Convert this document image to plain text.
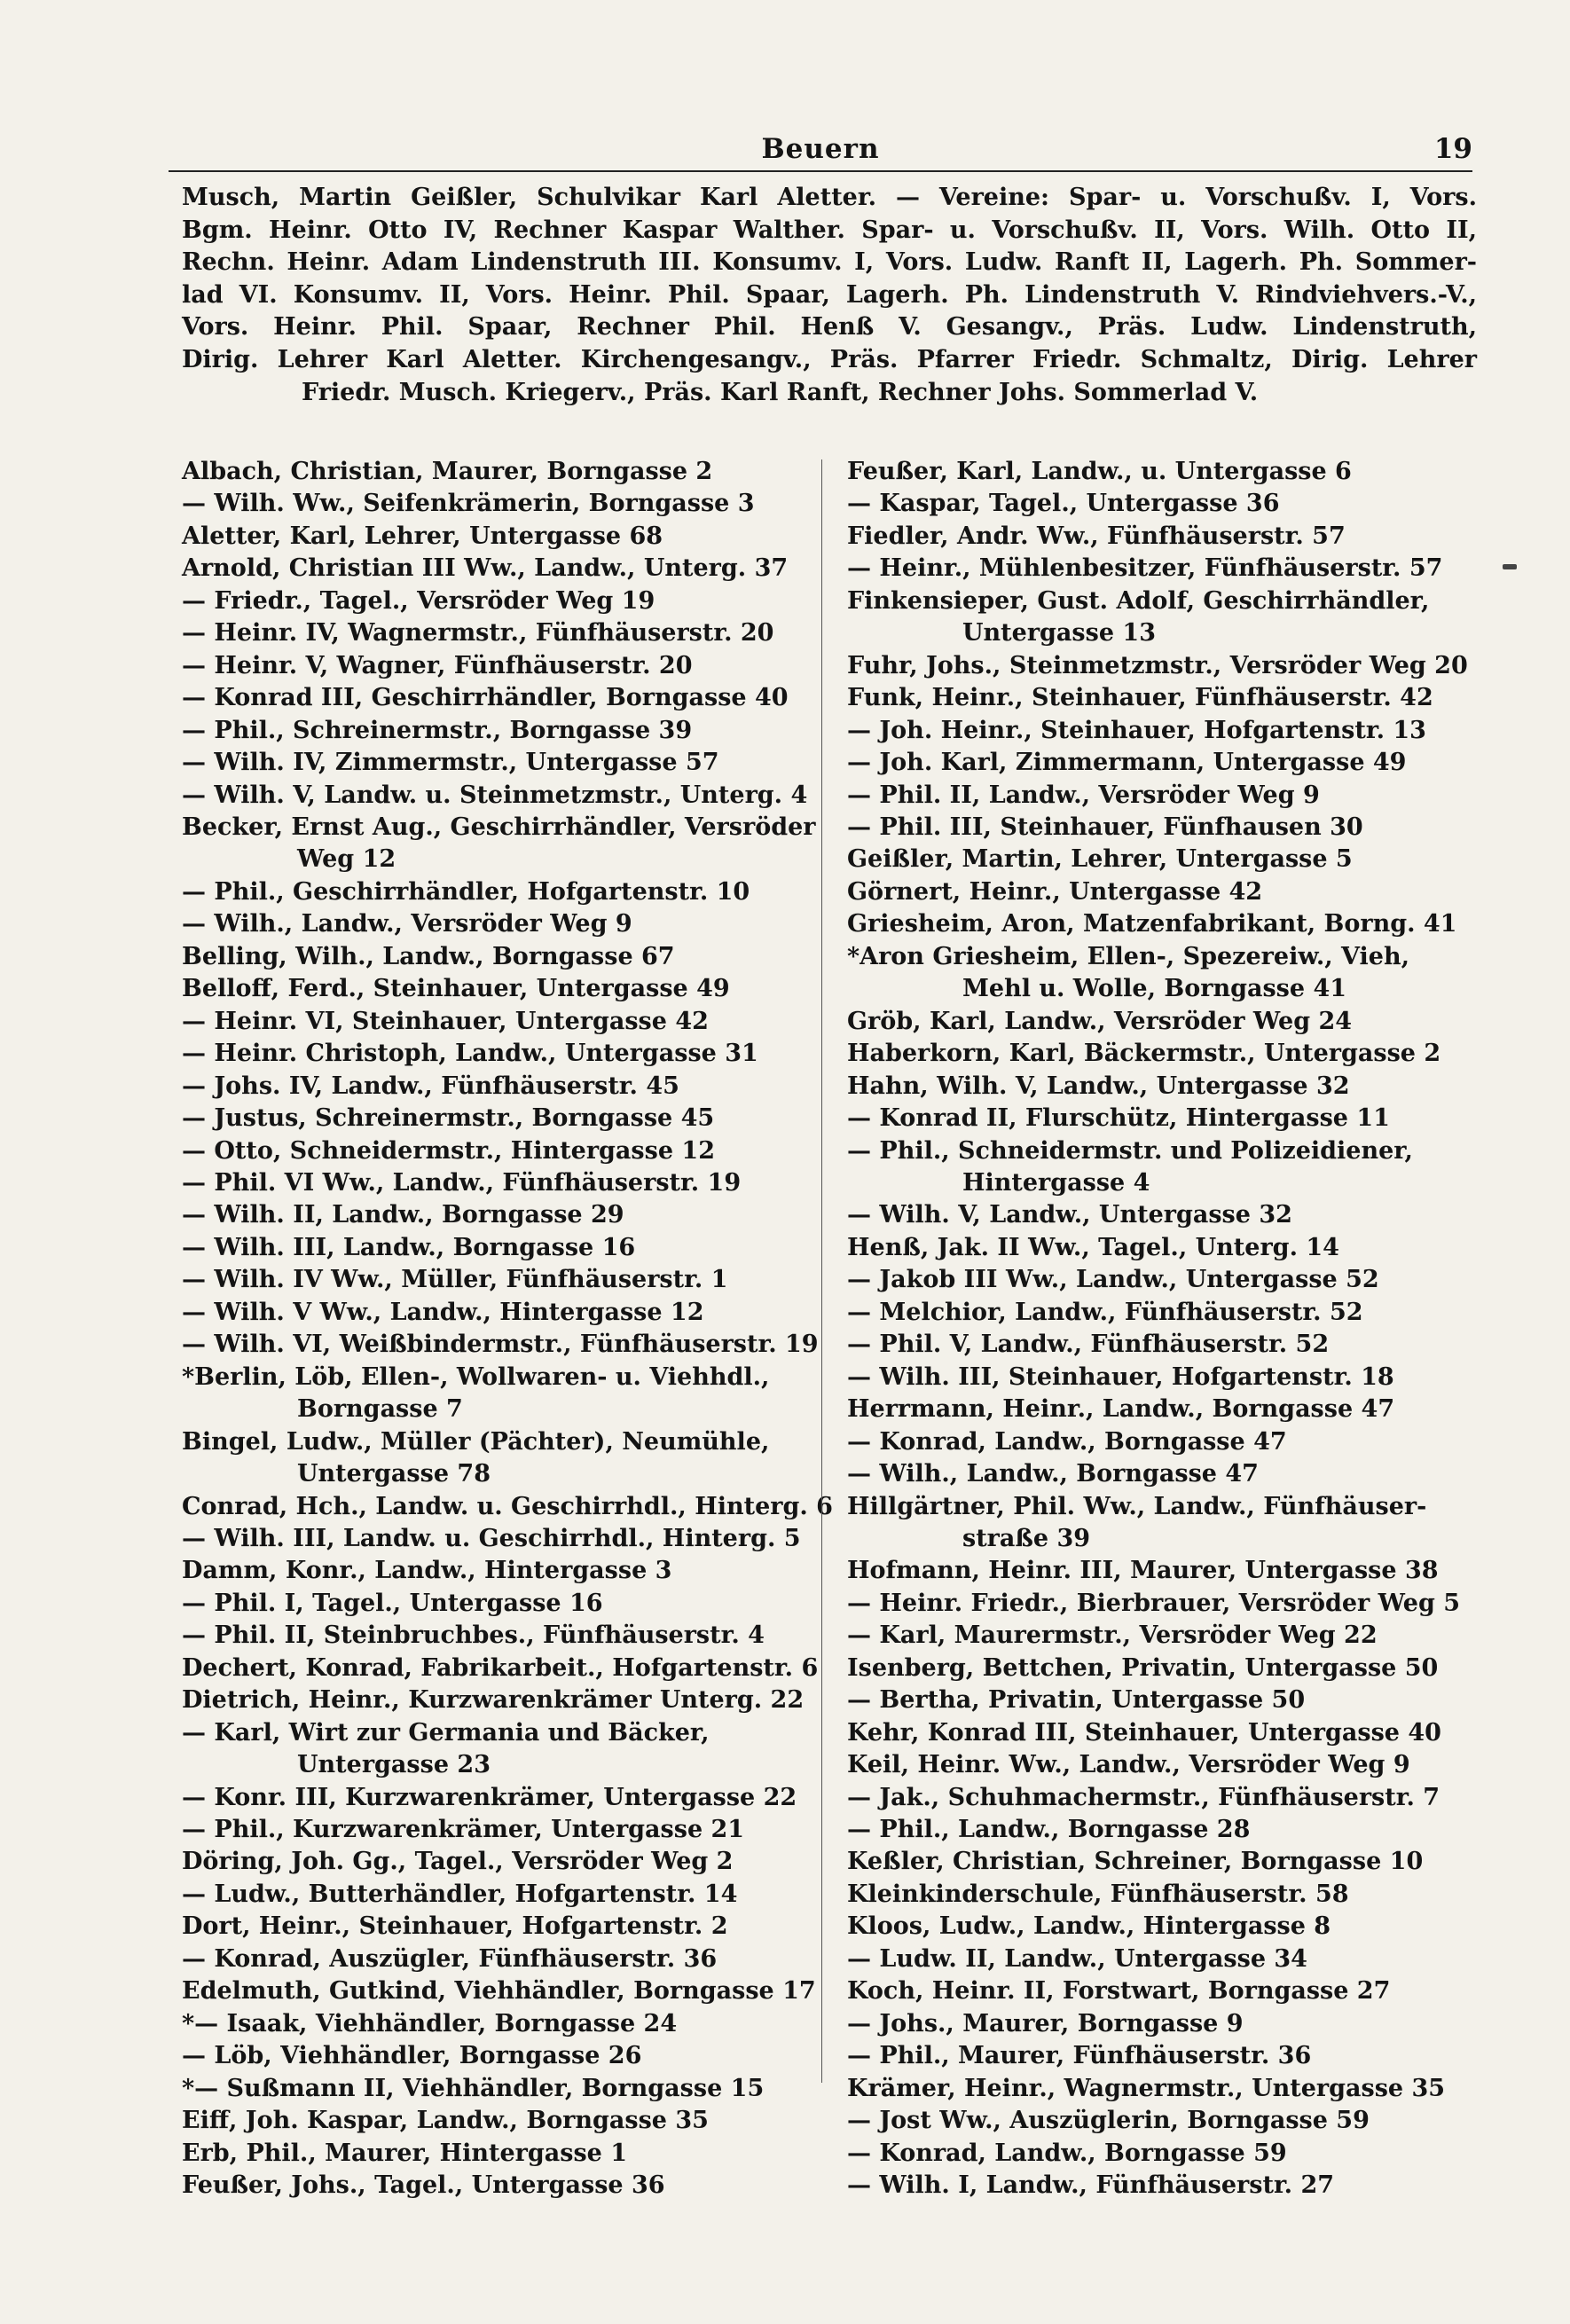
Beuern	19
Musch, Martin Geißler, Schulvikar Karl Aletter. — Vereine: Spar- u. Vorschußv. I, Vors.
Bgm. Heinr. Otto IV, Rechner Kaspar Walther. Spar- u. Vorschußv. II, Vors. Wilh. Otto II,
Rechn. Heinr. Adam Lindenstruth III. Konsumv. I, Vors. Ludw. Ranft II, Lagerh. Ph. Sommer-
lad VI. Konsumv. II, Vors. Heinr. Phil. Spaar, Lagerh. Ph. Lindenstruth V. Rindviehvers.-V.,
Vors. Heinr. Phil. Spaar, Rechner Phil. Henß V. Gesangv., Präs. Ludw. Lindenstruth,
Dirig. Lehrer Karl Aletter. Kirchengesangv., Präs. Pfarrer Friedr. Schmaltz, Dirig. Lehrer
Friedr. Musch. Kriegerv., Präs. Karl Ranft, Rechner Johs. Sommerlad V.
Albach, Christian, Maurer, Borngasse 2
— Wilh. Ww., Seifenkrämerin, Borngasse 3
Aletter, Karl, Lehrer, Untergasse 68
Arnold, Christian III Ww., Landw., Unterg. 37
— Friedr., Tagel., Versröder Weg 19
— Heinr. IV, Wagnermstr., Fünfhäuserstr. 20
— Heinr. V, Wagner, Fünfhäuserstr. 20
— Konrad III, Geschirrhändler, Borngasse 40
— Phil., Schreinermstr., Borngasse 39
— Wilh. IV, Zimmermstr., Untergasse 57
— Wilh. V, Landw. u. Steinmetzmstr., Unterg. 4
Becker, Ernst Aug., Geschirrhändler, Versröder
Weg 12
— Phil., Geschirrhändler, Hofgartenstr. 10
— Wilh., Landw., Versröder Weg 9
Belling, Wilh., Landw., Borngasse 67
Belloff, Ferd., Steinhauer, Untergasse 49
— Heinr. VI, Steinhauer, Untergasse 42
— Heinr. Christoph, Landw., Untergasse 31
— Johs. IV, Landw., Fünfhäuserstr. 45
— Justus, Schreinermstr., Borngasse 45
— Otto, Schneidermstr., Hintergasse 12
— Phil. VI Ww., Landw., Fünfhäuserstr. 19
— Wilh. II, Landw., Borngasse 29
— Wilh. III, Landw., Borngasse 16
— Wilh. IV Ww., Müller, Fünfhäuserstr. 1
— Wilh. V Ww., Landw., Hintergasse 12
— Wilh. VI, Weißbindermstr., Fünfhäuserstr. 19
*Berlin, Löb, Ellen-, Wollwaren- u. Viehhdl.,
Borngasse 7
Bingel, Ludw., Müller (Pächter), Neumühle,
Untergasse 78
Conrad, Hch., Landw. u. Geschirrhdl., Hinterg. 6
— Wilh. III, Landw. u. Geschirrhdl., Hinterg. 5
Damm, Konr., Landw., Hintergasse 3
— Phil. I, Tagel., Untergasse 16
— Phil. II, Steinbruchbes., Fünfhäuserstr. 4
Dechert, Konrad, Fabrikarbeit., Hofgartenstr. 6
Dietrich, Heinr., Kurzwarenkrämer Unterg. 22
— Karl, Wirt zur Germania und Bäcker,
Untergasse 23
— Konr. III, Kurzwarenkrämer, Untergasse 22
— Phil., Kurzwarenkrämer, Untergasse 21
Döring, Joh. Gg., Tagel., Versröder Weg 2
— Ludw., Butterhändler, Hofgartenstr. 14
Dort, Heinr., Steinhauer, Hofgartenstr. 2
— Konrad, Auszügler, Fünfhäuserstr. 36
Edelmuth, Gutkind, Viehhändler, Borngasse 17
*— Isaak, Viehhändler, Borngasse 24
— Löb, Viehhändler, Borngasse 26
*— Sußmann II, Viehhändler, Borngasse 15
Eiff, Joh. Kaspar, Landw., Borngasse 35
Erb, Phil., Maurer, Hintergasse 1
Feußer, Johs., Tagel., Untergasse 36
Feußer, Karl, Landw., u. Untergasse 6
— Kaspar, Tagel., Untergasse 36
Fiedler, Andr. Ww., Fünfhäuserstr. 57
— Heinr., Mühlenbesitzer, Fünfhäuserstr. 57
Finkensieper, Gust. Adolf, Geschirrhändler,
Untergasse 13
Fuhr, Johs., Steinmetzmstr., Versröder Weg 20
Funk, Heinr., Steinhauer, Fünfhäuserstr. 42
— Joh. Heinr., Steinhauer, Hofgartenstr. 13
— Joh. Karl, Zimmermann, Untergasse 49
— Phil. II, Landw., Versröder Weg 9
— Phil. III, Steinhauer, Fünfhausen 30
Geißler, Martin, Lehrer, Untergasse 5
Görnert, Heinr., Untergasse 42
Griesheim, Aron, Matzenfabrikant, Borng. 41
*Aron Griesheim, Ellen-, Spezereiw., Vieh,
Mehl u. Wolle, Borngasse 41
Gröb, Karl, Landw., Versröder Weg 24
Haberkorn, Karl, Bäckermstr., Untergasse 2
Hahn, Wilh. V, Landw., Untergasse 32
— Konrad II, Flurschütz, Hintergasse 11
— Phil., Schneidermstr. und Polizeidiener,
Hintergasse 4
— Wilh. V, Landw., Untergasse 32
Henß, Jak. II Ww., Tagel., Unterg. 14
— Jakob III Ww., Landw., Untergasse 52
— Melchior, Landw., Fünfhäuserstr. 52
— Phil. V, Landw., Fünfhäuserstr. 52
— Wilh. III, Steinhauer, Hofgartenstr. 18
Herrmann, Heinr., Landw., Borngasse 47
— Konrad, Landw., Borngasse 47
— Wilh., Landw., Borngasse 47
Hillgärtner, Phil. Ww., Landw., Fünfhäuser-
straße 39
Hofmann, Heinr. III, Maurer, Untergasse 38
— Heinr. Friedr., Bierbrauer, Versröder Weg 5
— Karl, Maurermstr., Versröder Weg 22
Isenberg, Bettchen, Privatin, Untergasse 50
— Bertha, Privatin, Untergasse 50
Kehr, Konrad III, Steinhauer, Untergasse 40
Keil, Heinr. Ww., Landw., Versröder Weg 9
— Jak., Schuhmachermstr., Fünfhäuserstr. 7
— Phil., Landw., Borngasse 28
Keßler, Christian, Schreiner, Borngasse 10
Kleinkinderschule, Fünfhäuserstr. 58
Kloos, Ludw., Landw., Hintergasse 8
— Ludw. II, Landw., Untergasse 34
Koch, Heinr. II, Forstwart, Borngasse 27
— Johs., Maurer, Borngasse 9
— Phil., Maurer, Fünfhäuserstr. 36
Krämer, Heinr., Wagnermstr., Untergasse 35
— Jost Ww., Auszüglerin, Borngasse 59
— Konrad, Landw., Borngasse 59
— Wilh. I, Landw., Fünfhäuserstr. 27
